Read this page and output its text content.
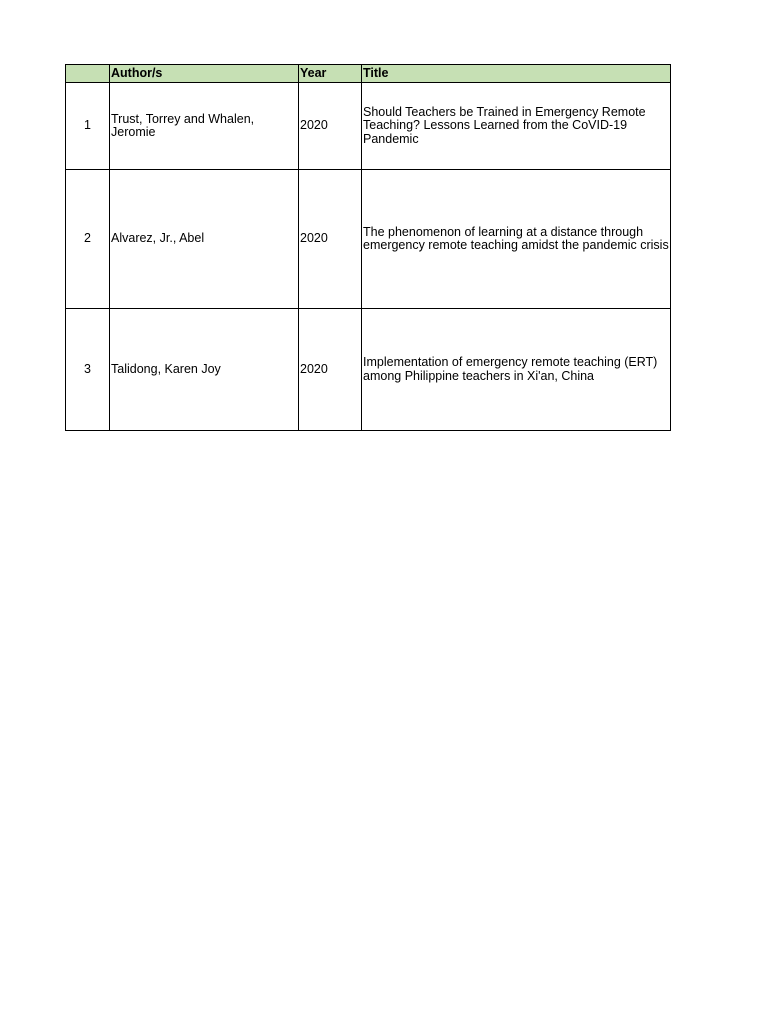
	Author/s	Year	Title
1	Trust, Torrey and Whalen, Jeromie	2020	Should Teachers be Trained in Emergency Remote Teaching? Lessons Learned from the CoVID-19 Pandemic
2	Alvarez, Jr., Abel	2020	The phenomenon of learning at a distance through emergency remote teaching amidst the pandemic crisis
3	Talidong, Karen Joy	2020	Implementation of emergency remote teaching (ERT) among Philippine teachers in Xi'an, China
